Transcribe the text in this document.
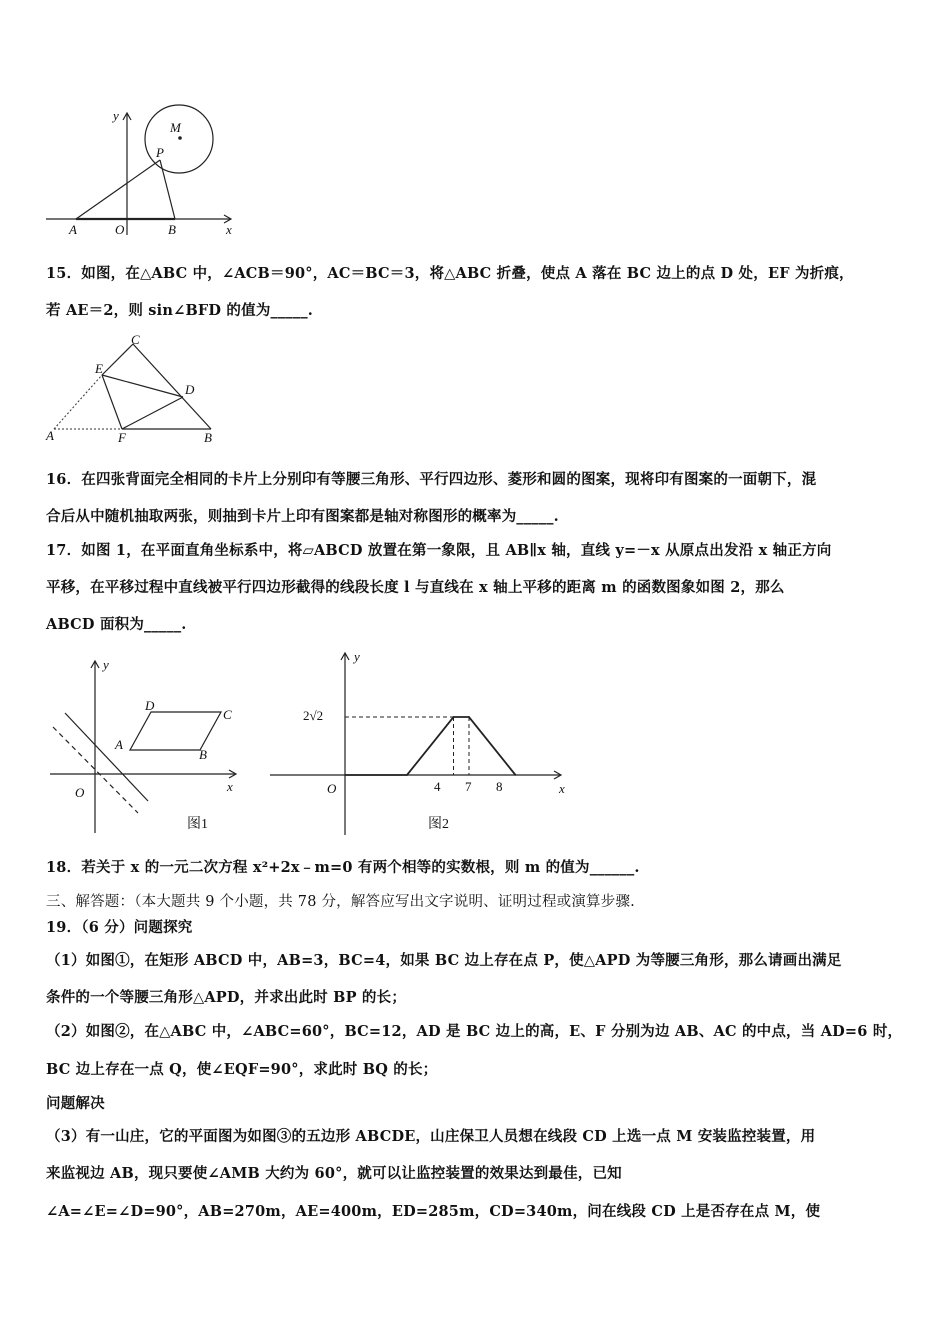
y
M
P
A	O	B	x
15．如图，在△ABC 中，∠ACB＝90°，AC＝BC＝3，将△ABC 折叠，使点 A 落在 BC 边上的点 D 处，EF 为折痕，
若 AE＝2，则 sin∠BFD 的值为_____.
C
E
D
A	F	B
16．在四张背面完全相同的卡片上分别印有等腰三角形、平行四边形、菱形和圆的图案，现将印有图案的一面朝下，混
合后从中随机抽取两张，则抽到卡片上印有图案都是轴对称图形的概率为_____.
17．如图 1，在平面直角坐标系中，将▱ABCD 放置在第一象限，且 AB∥x 轴，直线 y=－x 从原点出发沿 x 轴正方向
平移，在平移过程中直线被平行四边形截得的线段长度 l 与直线在 x 轴上平移的距离 m 的函数图象如图 2，那么
ABCD 面积为_____.
y
D
C
A
B
O	x
图1
2√2
y
O	x
4 7 8
图2
18．若关于 x 的一元二次方程 x²+2x﹣m=0 有两个相等的实数根，则 m 的值为______.
三、解答题：（本大题共 9 个小题，共 78 分，解答应写出文字说明、证明过程或演算步骤.
19．（6 分）问题探究
（1）如图①，在矩形 ABCD 中，AB=3，BC=4，如果 BC 边上存在点 P，使△APD 为等腰三角形，那么请画出满足
条件的一个等腰三角形△APD，并求出此时 BP 的长；
（2）如图②，在△ABC 中，∠ABC=60°，BC=12，AD 是 BC 边上的高，E、F 分别为边 AB、AC 的中点，当 AD=6 时，
BC 边上存在一点 Q，使∠EQF=90°，求此时 BQ 的长；
问题解决
（3）有一山庄，它的平面图为如图③的五边形 ABCDE，山庄保卫人员想在线段 CD 上选一点 M 安装监控装置，用
来监视边 AB，现只要使∠AMB 大约为 60°，就可以让监控装置的效果达到最佳，已知
∠A=∠E=∠D=90°，AB=270m，AE=400m，ED=285m，CD=340m，问在线段 CD 上是否存在点 M，使
